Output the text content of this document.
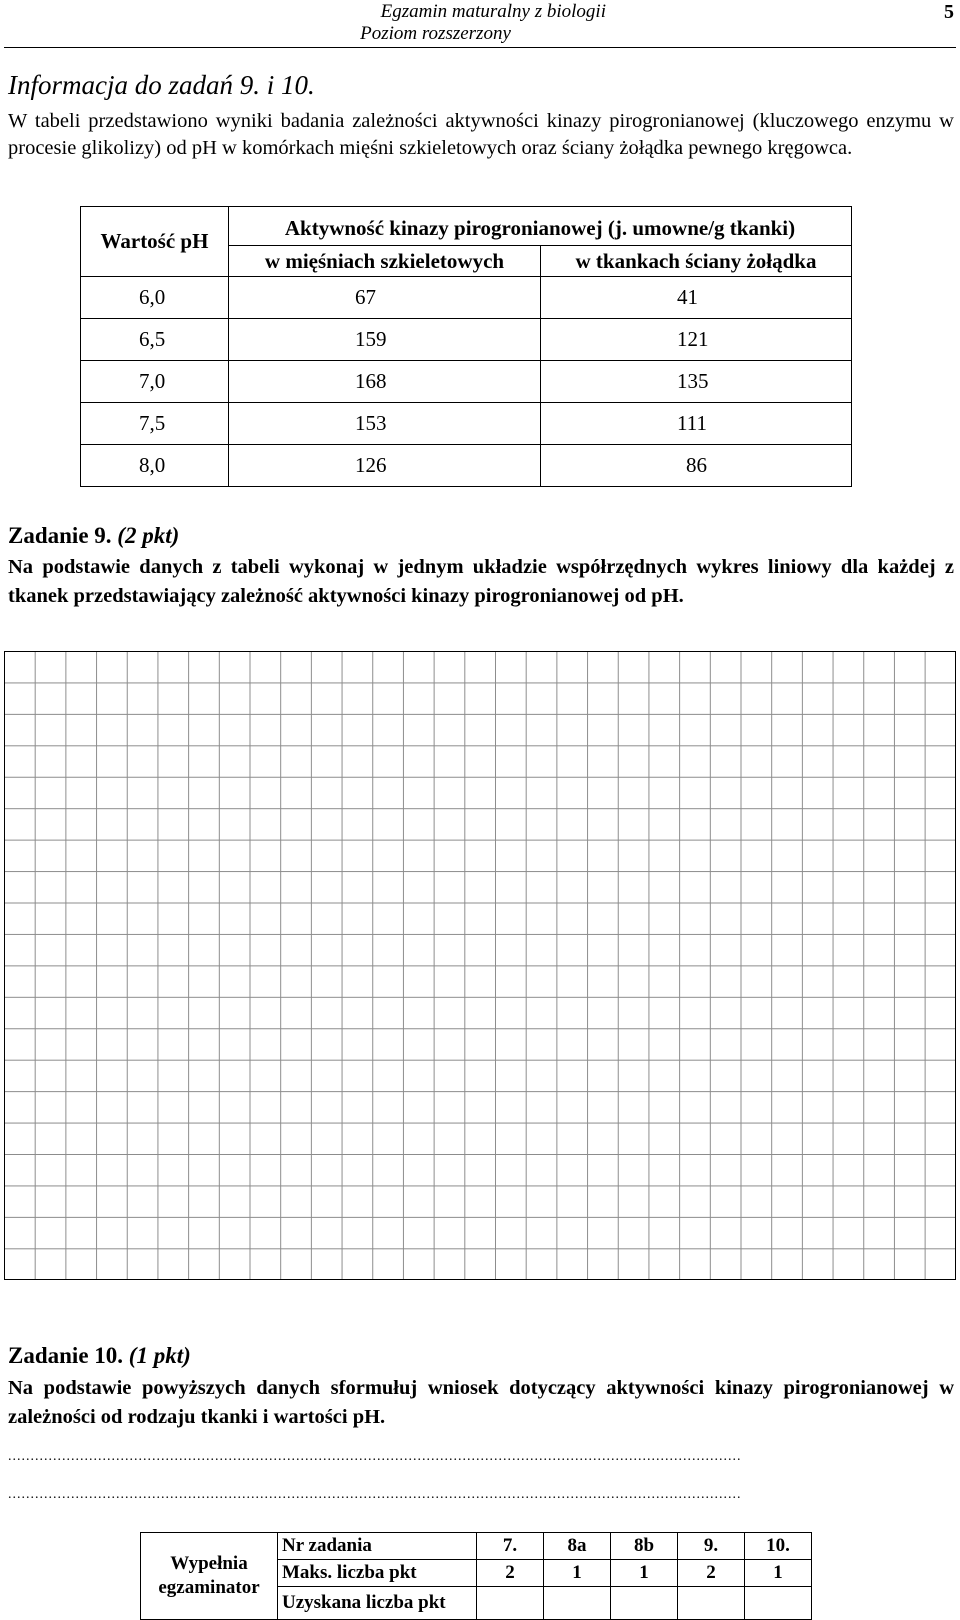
Egzamin maturalny z biologii
Poziom rozszerzony
5
Informacja do zadań 9. i 10.
W tabeli przedstawiono wyniki badania zależności aktywności kinazy pirogronianowej (kluczowego enzymu w procesie glikolizy) od pH w komórkach mięśni szkieletowych oraz ściany żołądka pewnego kręgowca.
Wartość pH	Aktywność kinazy pirogronianowej (j. umowne/g tkanki)	
	w mięśniach szkieletowych	w tkankach ściany żołądka
6,0	67	41
6,5	159	121
7,0	168	135
7,5	153	111
8,0	126	86
Zadanie 9. (2 pkt)
Na podstawie danych z tabeli wykonaj w jednym układzie współrzędnych wykres liniowy dla każdej z tkanek przedstawiający zależność aktywności kinazy pirogronianowej od pH.
Zadanie 10. (1 pkt)
Na podstawie powyższych danych sformułuj wniosek dotyczący aktywności kinazy pirogronianowej w zależności od rodzaju tkanki i wartości pH.
...................................................................................................................................................................
...................................................................................................................................................................
Wypełnia egzaminator	Nr zadania	7.	8a	8b	9.	10.
	Maks. liczba pkt	2	1	1	2	1
	Uzyskana liczba pkt					
